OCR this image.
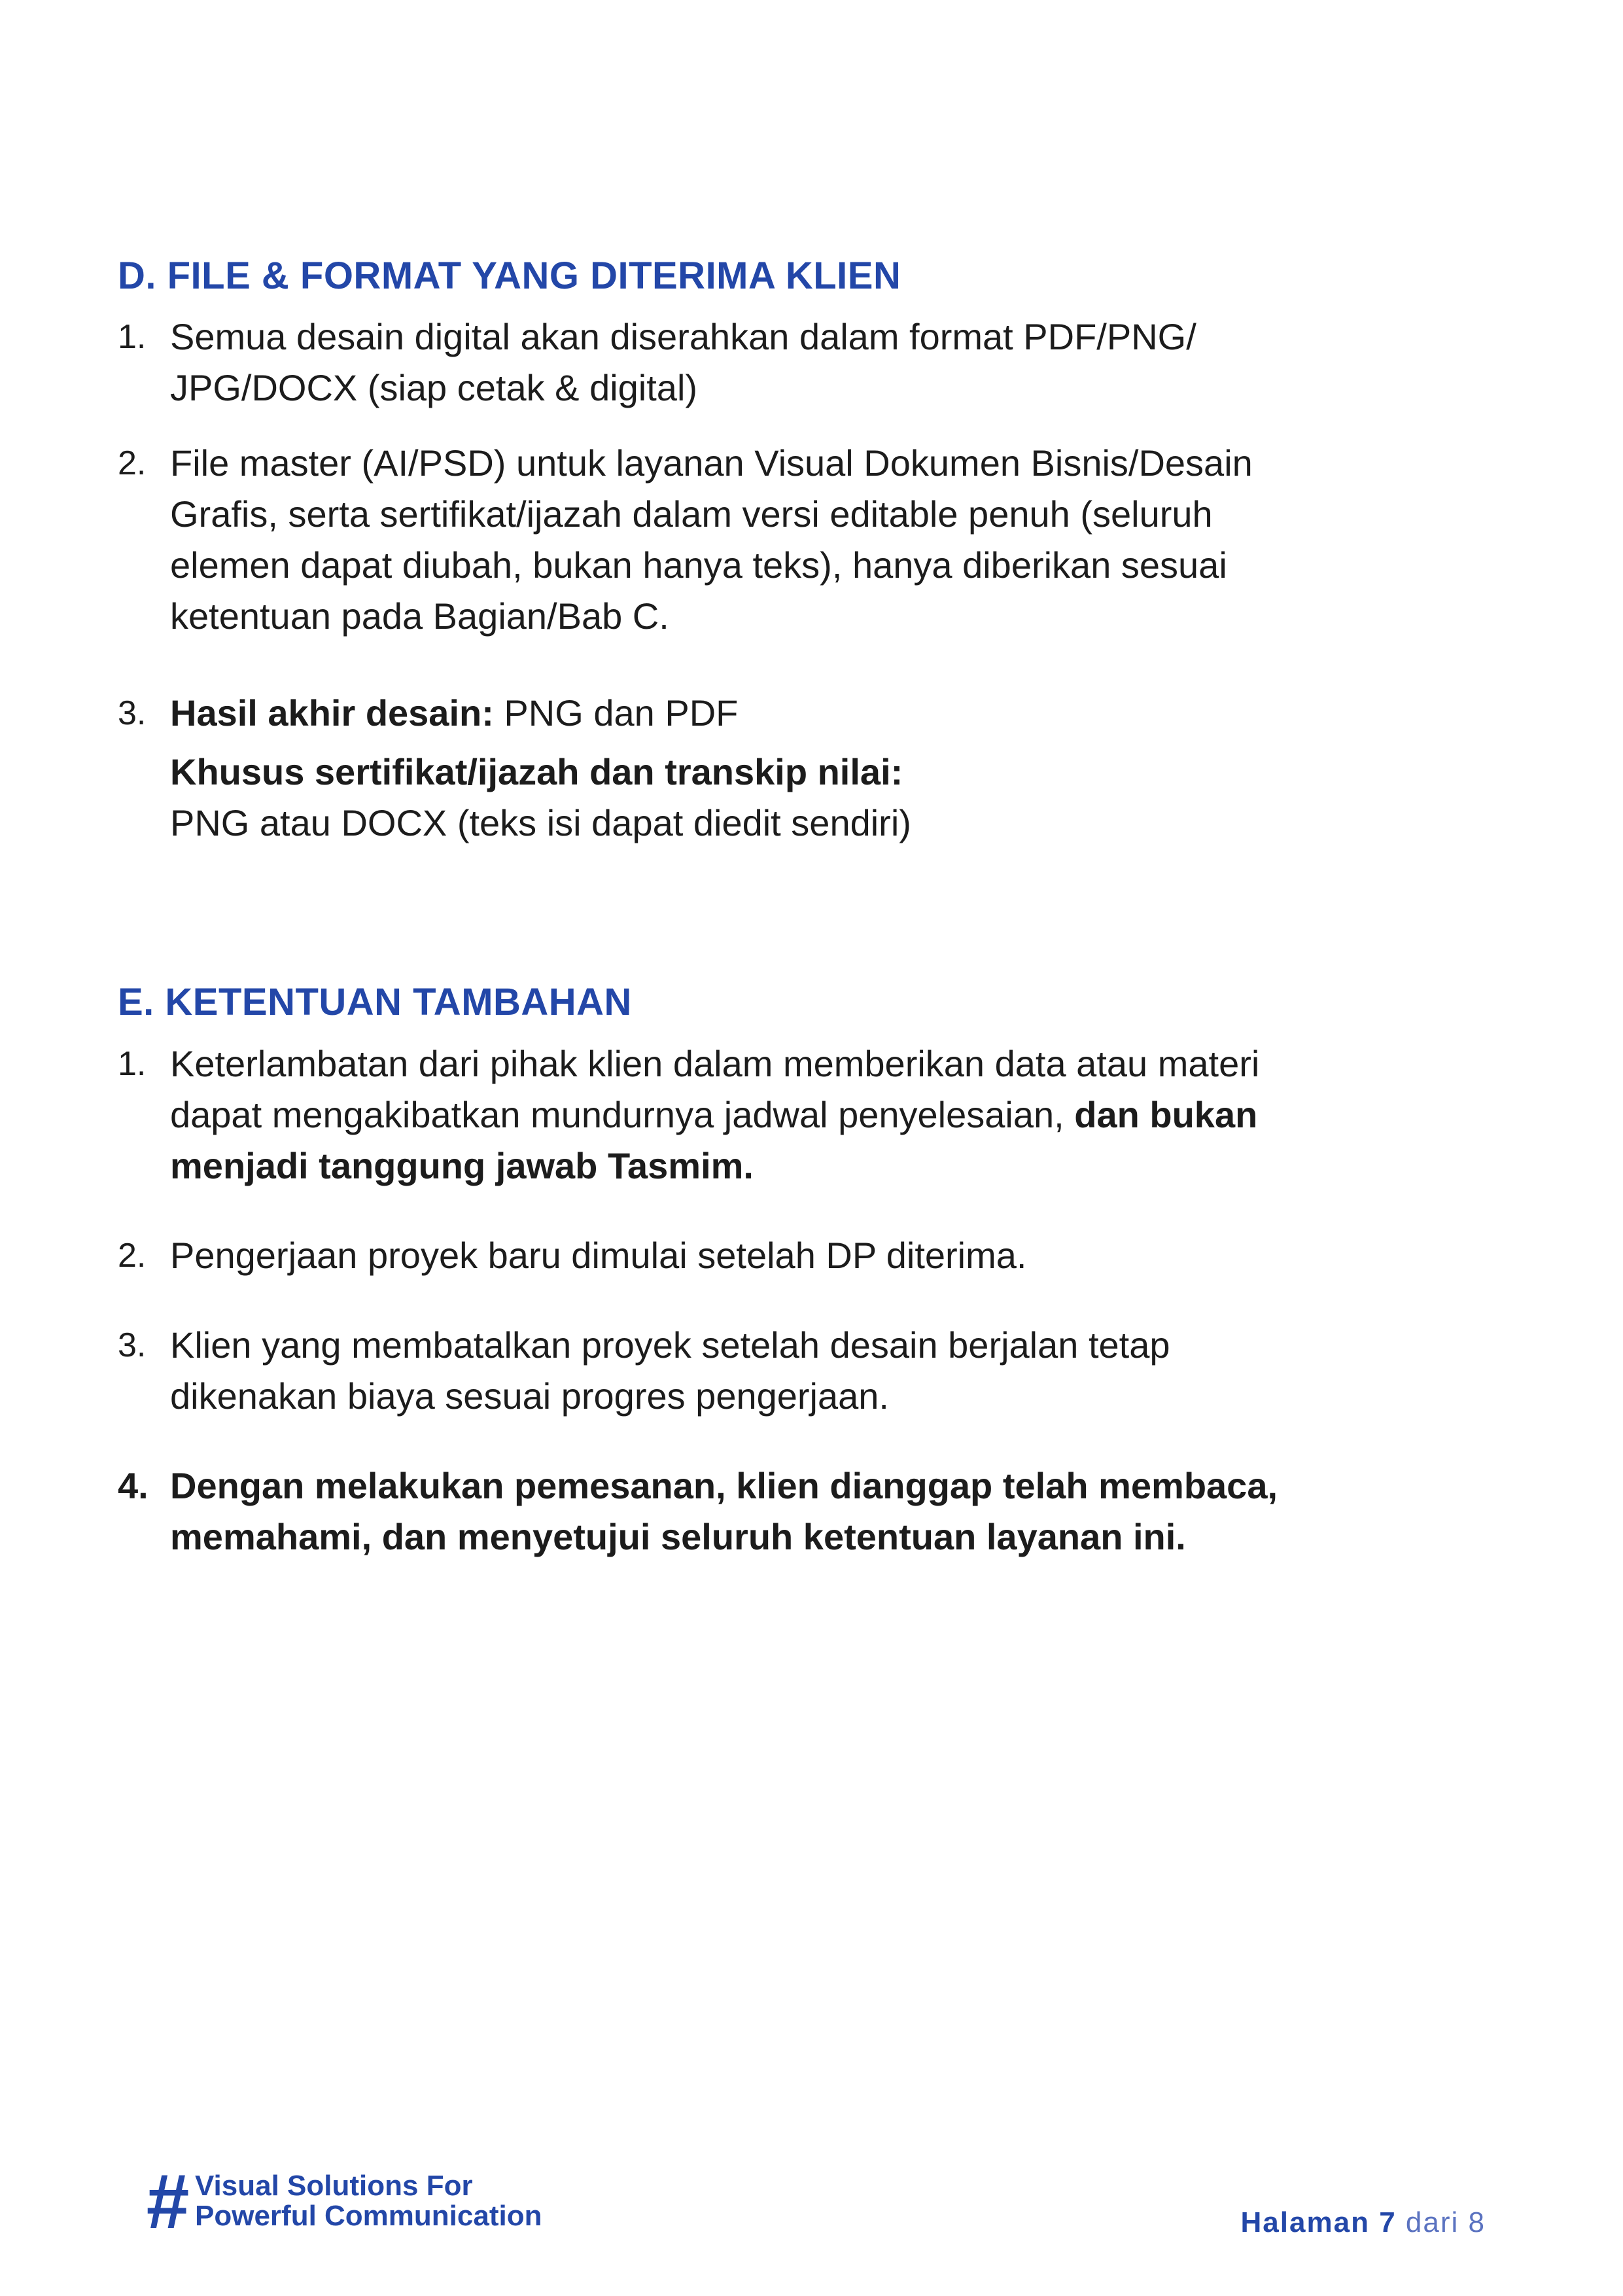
D. FILE & FORMAT YANG DITERIMA KLIEN
1. Semua desain digital akan diserahkan dalam format PDF/PNG/
JPG/DOCX (siap cetak & digital)
2. File master (AI/PSD) untuk layanan Visual Dokumen Bisnis/Desain
Grafis, serta sertifikat/ijazah dalam versi editable penuh (seluruh
elemen dapat diubah, bukan hanya teks), hanya diberikan sesuai
ketentuan pada Bagian/Bab C.
3. Hasil akhir desain: PNG dan PDF
Khusus sertifikat/ijazah dan transkip nilai:
PNG atau DOCX (teks isi dapat diedit sendiri)
E. KETENTUAN TAMBAHAN
1. Keterlambatan dari pihak klien dalam memberikan data atau materi
dapat mengakibatkan mundurnya jadwal penyelesaian, dan bukan
menjadi tanggung jawab Tasmim.
2. Pengerjaan proyek baru dimulai setelah DP diterima.
3. Klien yang membatalkan proyek setelah desain berjalan tetap
dikenakan biaya sesuai progres pengerjaan.
4. Dengan melakukan pemesanan, klien dianggap telah membaca,
memahami, dan menyetujui seluruh ketentuan layanan ini.
# Visual Solutions For
Powerful Communication	Halaman 7 dari 8
